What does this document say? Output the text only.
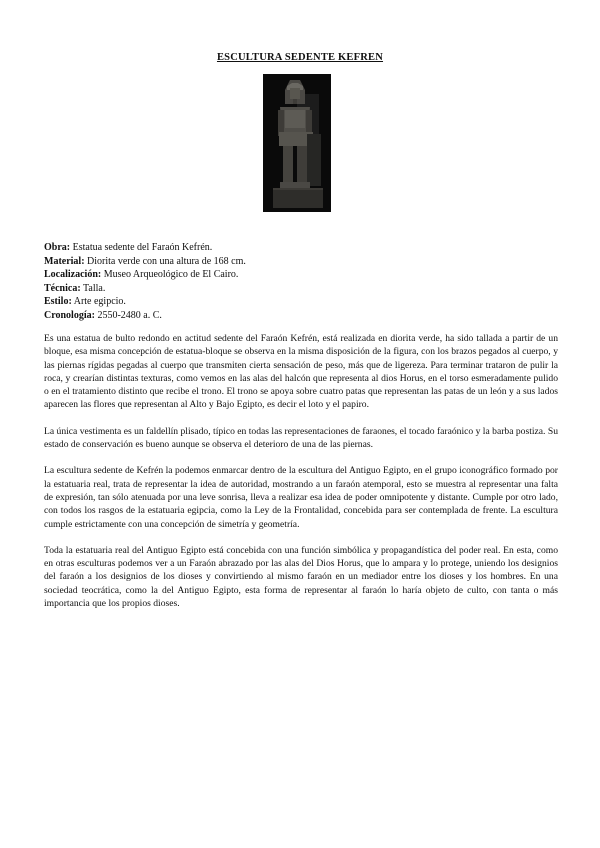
ESCULTURA SEDENTE KEFREN
Obra: Estatua sedente del Faraón Kefrén.
Material: Diorita verde con una altura de 168 cm.
Localización: Museo Arqueológico de El Cairo.
Técnica: Talla.
Estilo: Arte egipcio.
Cronología: 2550-2480 a. C.

Es una estatua de bulto redondo en actitud sedente del Faraón Kefrén, está realizada en diorita verde, ha sido tallada a partir de un bloque, esa misma concepción de estatua-bloque se observa en la misma disposición de la figura, con los brazos pegados al cuerpo, y las piernas rígidas pegadas al cuerpo que transmiten cierta sensación de peso, más que de ligereza. Para terminar trataron de pulir la roca, y crearían distintas texturas, como vemos en las alas del halcón que representa al dios Horus, en el torso esmeradamente pulido o en el tratamiento distinto que recibe el trono. El trono se apoya sobre cuatro patas que representan las patas de un león y a sus lados aparecen las flores que representan al Alto y Bajo Egipto, es decir el loto y el papiro.

La única vestimenta es un faldellín plisado, típico en todas las representaciones de faraones, el tocado faraónico y la barba postiza. Su estado de conservación es bueno aunque se observa el deterioro de una de las piernas.

La escultura sedente de Kefrén la podemos enmarcar dentro de la escultura del Antiguo Egipto, en el grupo iconográfico formado por la estatuaria real, trata de representar la idea de autoridad, mostrando a un faraón atemporal, esto se muestra al representar una falta de expresión, tan sólo atenuada por una leve sonrisa, lleva a realizar esa idea de poder omnipotente y distante. Cumple por otro lado, con todos los rasgos de la estatuaria egipcia, como la Ley de la Frontalidad, concebida para ser contemplada de frente. La escultura cumple estrictamente con una concepción de simetría y geometría.

Toda la estatuaria real del Antiguo Egipto está concebida con una función simbólica y propagandística del poder real. En esta, como en otras esculturas podemos ver a un Faraón abrazado por las alas del Dios Horus, que lo ampara y lo protege, uniendo los designios del faraón a los designios de los dioses y convirtiendo al mismo faraón en un mediador entre los dioses y los hombres. En una sociedad teocrática, como la del Antiguo Egipto, esta forma de representar al faraón lo haría objeto de culto, con tanta o más importancia que los propios dioses.
